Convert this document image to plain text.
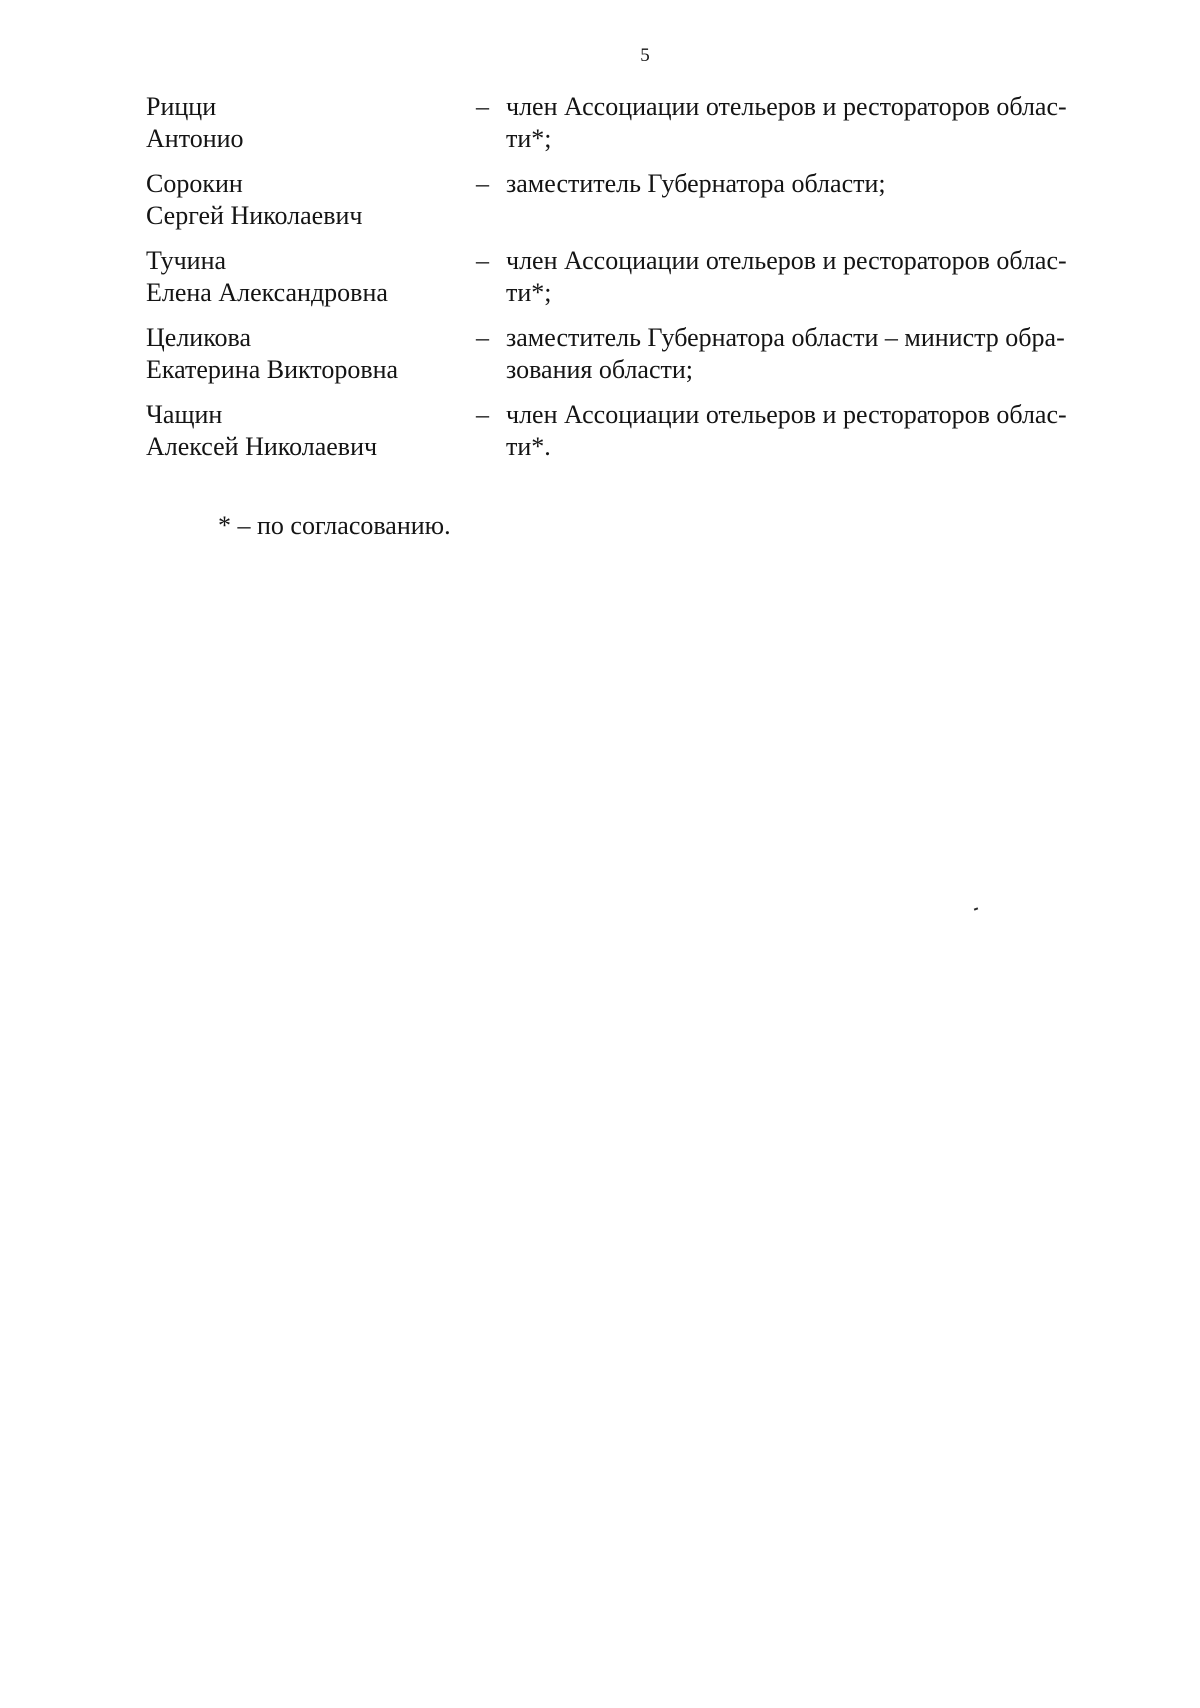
5
Рицци
Антонио
– член Ассоциации отельеров и рестораторов облас-
ти*;
Сорокин
Сергей Николаевич
– заместитель Губернатора области;
Тучина
Елена Александровна
– член Ассоциации отельеров и рестораторов облас-
ти*;
Целикова
Екатерина Викторовна
– заместитель Губернатора области – министр обра-
зования области;
Чащин
Алексей Николаевич
– член Ассоциации отельеров и рестораторов облас-
ти*.
* – по согласованию.
